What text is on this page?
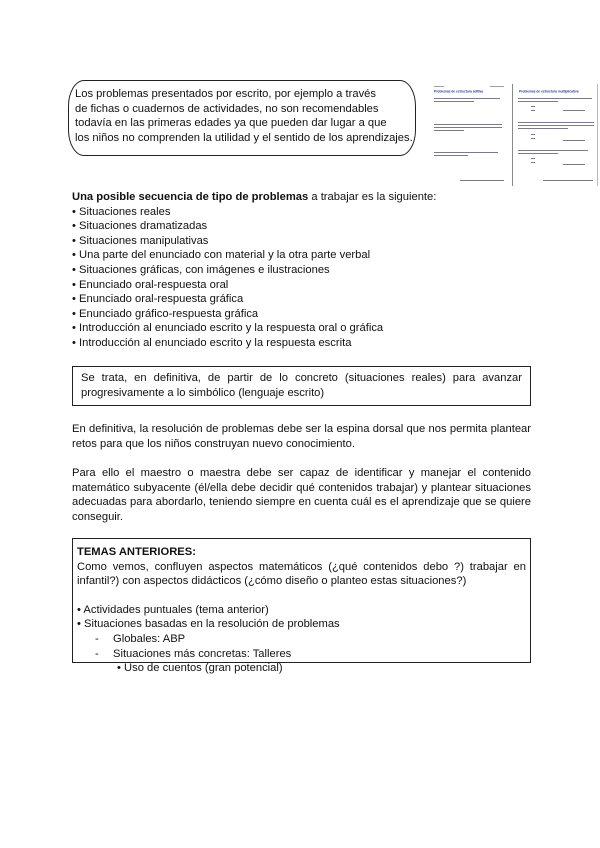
Los problemas presentados por escrito, por ejemplo a través

de fichas o cuadernos de actividades, no son recomendables

todavía en las primeras edades ya que pueden dar lugar a que

los niños no comprenden la utilidad y el sentido de los aprendizajes.

Problemas de estructura aditiva	Problemas de estructura multiplicativa
Una posible secuencia de tipo de problemas a trabajar es la siguiente:
• Situaciones reales
• Situaciones dramatizadas
• Situaciones manipulativas
• Una parte del enunciado con material y la otra parte verbal
• Situaciones gráficas, con imágenes e ilustraciones
• Enunciado oral-respuesta oral
• Enunciado oral-respuesta gráfica
• Enunciado gráfico-respuesta gráfica
• Introducción al enunciado escrito y la respuesta oral o gráfica
• Introducción al enunciado escrito y la respuesta escrita
Se trata, en definitiva, de partir de lo concreto (situaciones reales) para avanzar progresivamente a lo simbólico (lenguaje escrito)
En definitiva, la resolución de problemas debe ser la espina dorsal que nos permita plantear retos para que los niños construyan nuevo conocimiento.
Para ello el maestro o maestra debe ser capaz de identificar y manejar el contenido matemático subyacente (él/ella debe decidir qué contenidos trabajar) y plantear situaciones adecuadas para abordarlo, teniendo siempre en cuenta cuál es el aprendizaje que se quiere conseguir.
TEMAS ANTERIORES:
Como vemos, confluyen aspectos matemáticos (¿qué contenidos debo ?) trabajar en infantil?) con aspectos didácticos (¿cómo diseño o planteo estas situaciones?)
• Actividades puntuales (tema anterior)
• Situaciones basadas en la resolución de problemas
- Globales: ABP
- Situaciones más concretas: Talleres
• Uso de cuentos (gran potencial)
